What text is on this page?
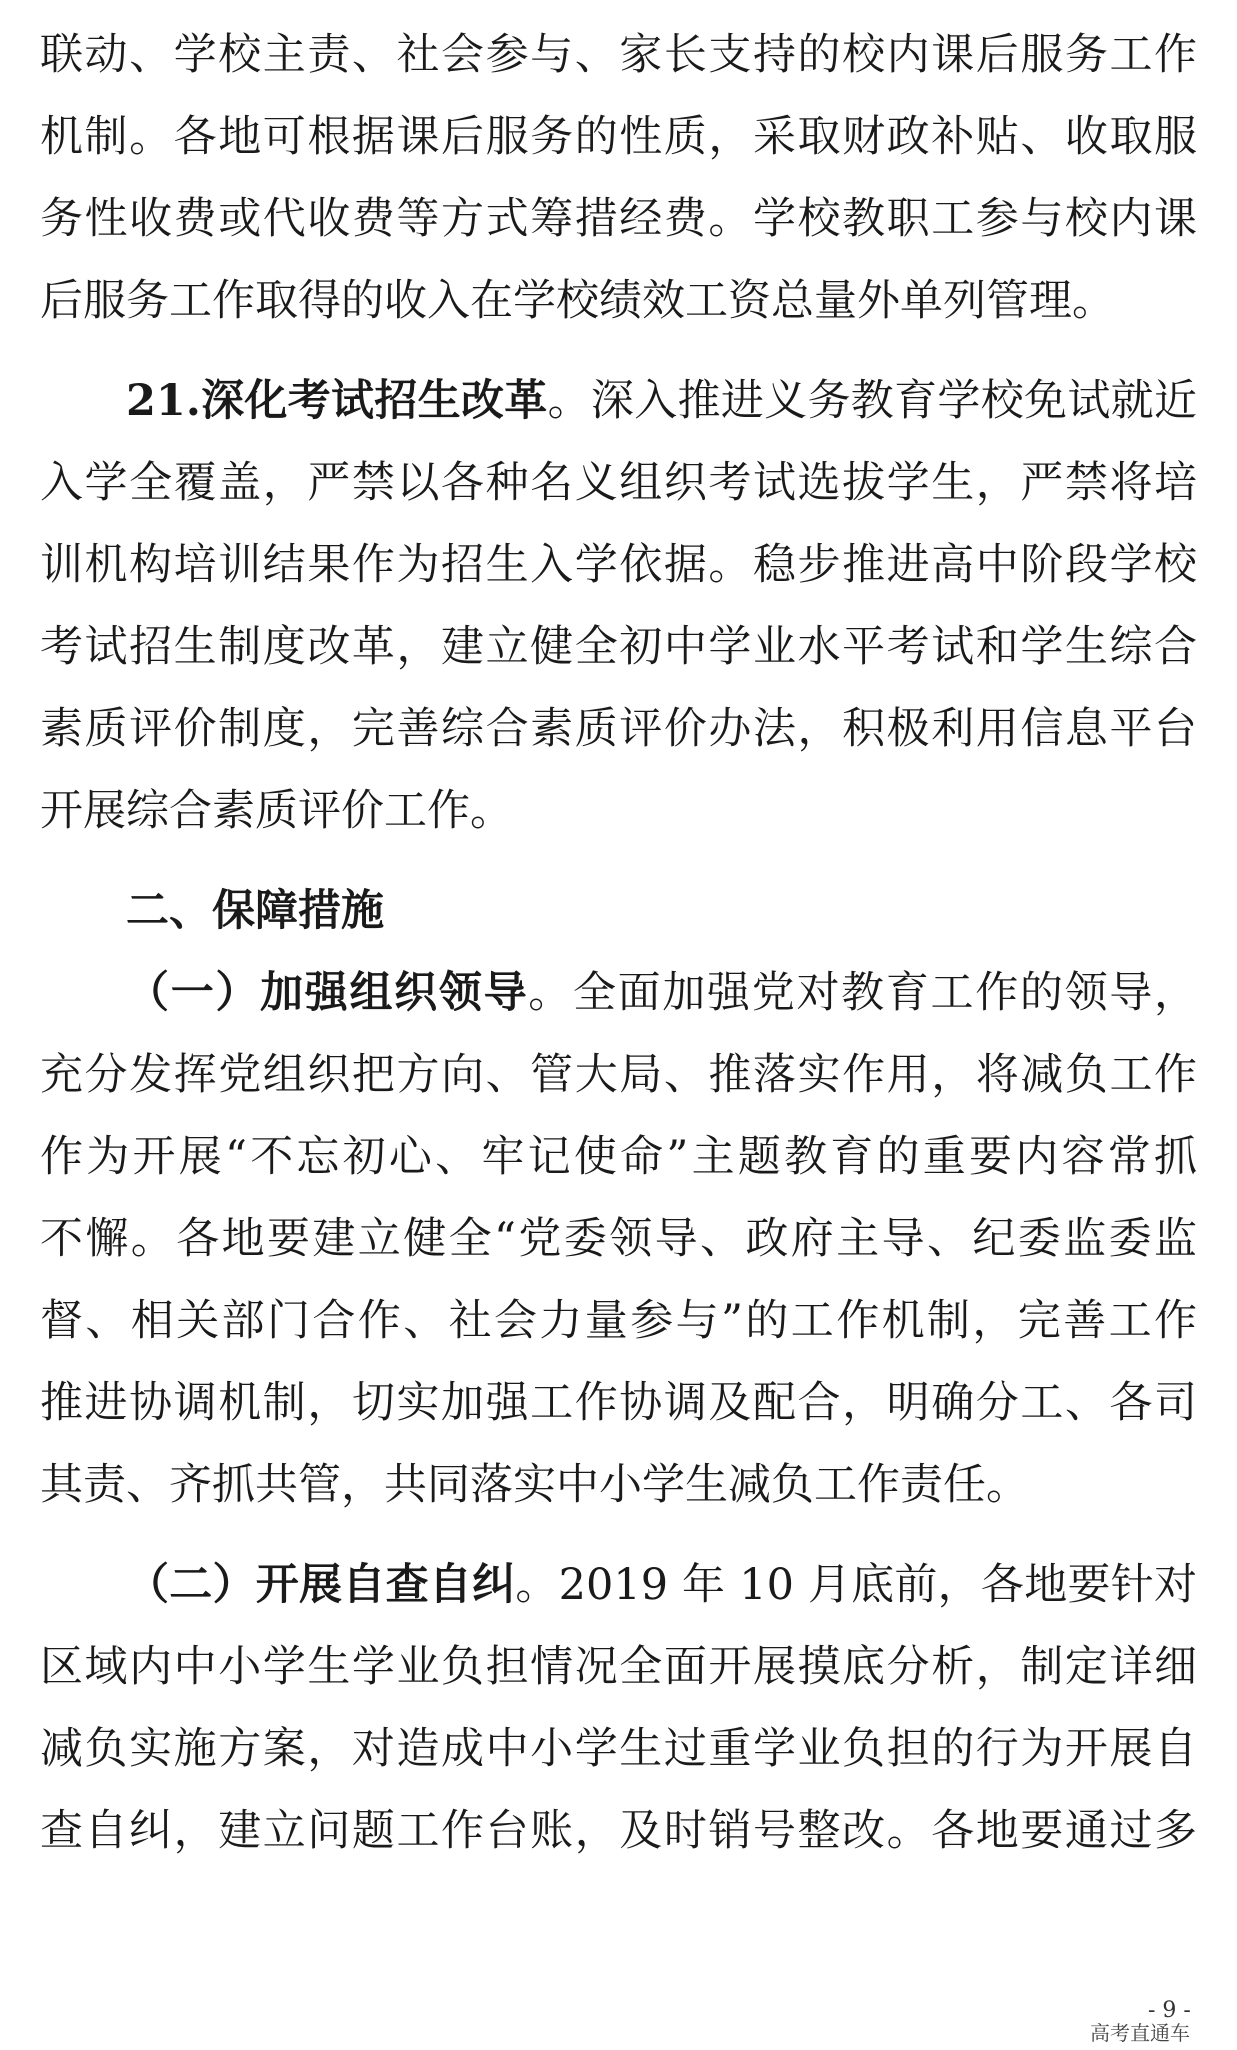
联动、学校主责、社会参与、家长支持的校内课后服务工作
机制。各地可根据课后服务的性质，采取财政补贴、收取服
务性收费或代收费等方式筹措经费。学校教职工参与校内课
后服务工作取得的收入在学校绩效工资总量外单列管理。
21.深化考试招生改革。深入推进义务教育学校免试就近
入学全覆盖，严禁以各种名义组织考试选拔学生，严禁将培
训机构培训结果作为招生入学依据。稳步推进高中阶段学校
考试招生制度改革，建立健全初中学业水平考试和学生综合
素质评价制度，完善综合素质评价办法，积极利用信息平台
开展综合素质评价工作。
二、保障措施
（一）加强组织领导。全面加强党对教育工作的领导，
充分发挥党组织把方向、管大局、推落实作用，将减负工作
作为开展“不忘初心、牢记使命”主题教育的重要内容常抓
不懈。各地要建立健全“党委领导、政府主导、纪委监委监
督、相关部门合作、社会力量参与”的工作机制，完善工作
推进协调机制，切实加强工作协调及配合，明确分工、各司
其责、齐抓共管，共同落实中小学生减负工作责任。
（二）开展自查自纠。2019 年 10 月底前，各地要针对
区域内中小学生学业负担情况全面开展摸底分析，制定详细
减负实施方案，对造成中小学生过重学业负担的行为开展自
查自纠，建立问题工作台账，及时销号整改。各地要通过多
- 9 -
高考直通车
